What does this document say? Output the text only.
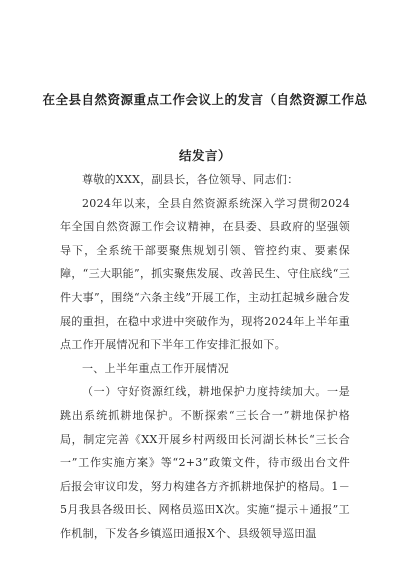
在全县自然资源重点工作会议上的发言（自然资源工作总
结发言）

尊敬的XXX，副县长，各位领导、同志们：

2024年以来，全县自然资源系统深入学习贯彻2024年全国自然资源工作会议精神，在县委、县政府的坚强领导下，全系统干部要聚焦规划引领、管控约束、要素保障，“三大职能”，抓实聚焦发展、改善民生、守住底线“三件大事”，围绕“六条主线”开展工作，主动扛起城乡融合发展的重担，在稳中求进中突破作为，现将2024年上半年重点工作开展情况和下半年工作安排汇报如下。

一、上半年重点工作开展情况

（一）守好资源红线，耕地保护力度持续加大。一是跳出系统抓耕地保护。不断探索“三长合一”耕地保护格局，制定完善《XX开展乡村两级田长河湖长林长“三长合一”工作实施方案》等“2+3”政策文件，待市级出台文件后报会审议印发，努力构建各方齐抓耕地保护的格局。1－5月我县各级田长、网格员巡田X次。实施“提示＋通报”工作机制，下发各乡镇巡田通报X个、县级领导巡田温
